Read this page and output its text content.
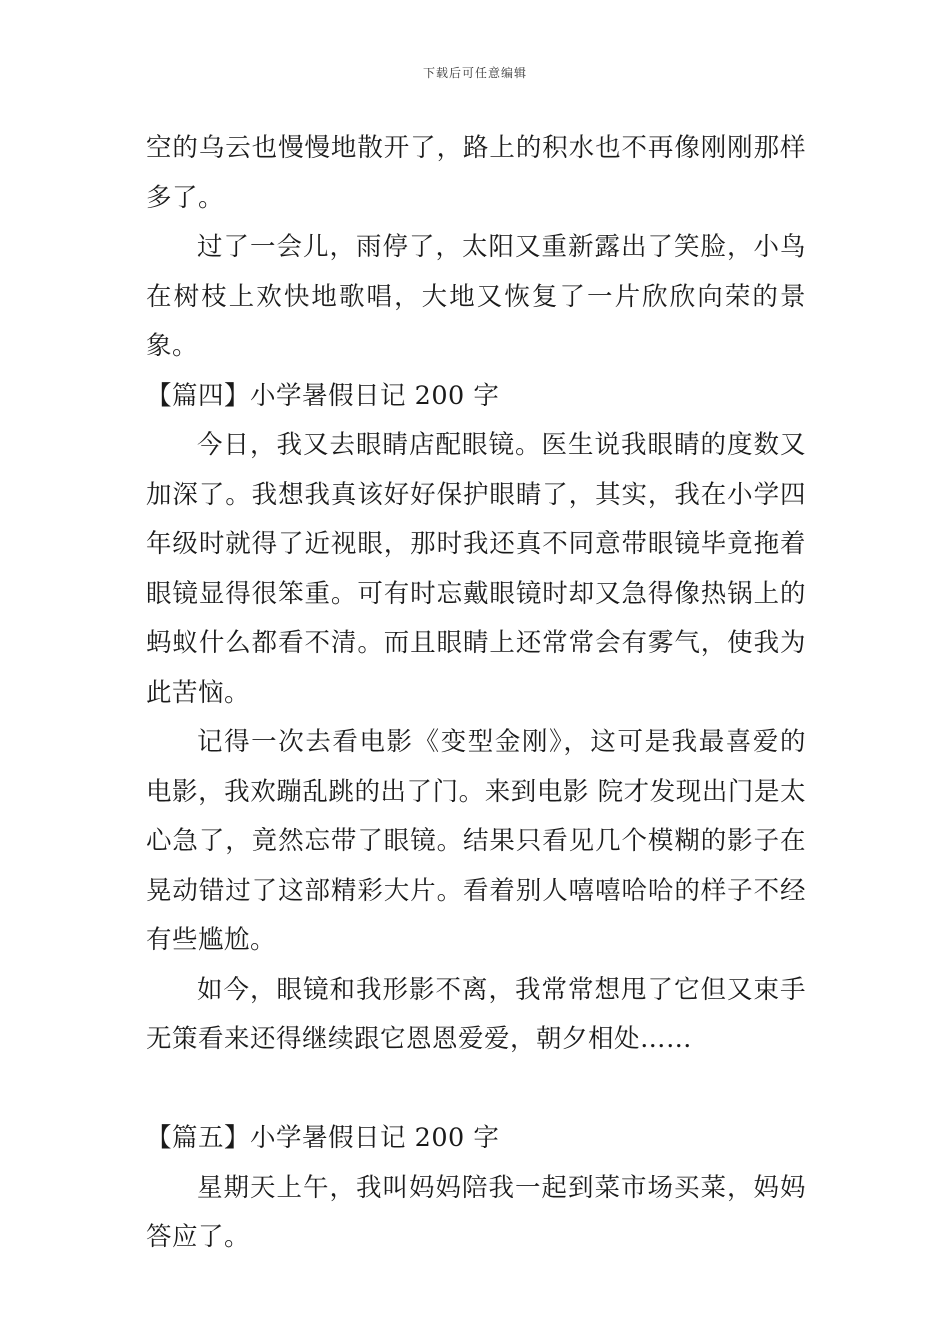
下载后可任意编辑

空的乌云也慢慢地散开了，路上的积水也不再像刚刚那样多了。

过了一会儿，雨停了，太阳又重新露出了笑脸，小鸟在树枝上欢快地歌唱，大地又恢复了一片欣欣向荣的景象。

【篇四】小学暑假日记 200 字

今日，我又去眼睛店配眼镜。医生说我眼睛的度数又加深了。我想我真该好好保护眼睛了，其实，我在小学四年级时就得了近视眼，那时我还真不同意带眼镜毕竟拖着眼镜显得很笨重。可有时忘戴眼镜时却又急得像热锅上的蚂蚁什么都看不清。而且眼睛上还常常会有雾气，使我为此苦恼。

记得一次去看电影《变型金刚》，这可是我最喜爱的电影，我欢蹦乱跳的出了门。来到电影 院才发现出门是太心急了，竟然忘带了眼镜。结果只看见几个模糊的影子在晃动错过了这部精彩大片。看着别人嘻嘻哈哈的样子不经有些尴尬。

如今，眼镜和我形影不离，我常常想甩了它但又束手无策看来还得继续跟它恩恩爱爱，朝夕相处……

【篇五】小学暑假日记 200 字

星期天上午，我叫妈妈陪我一起到菜市场买菜，妈妈答应了。
